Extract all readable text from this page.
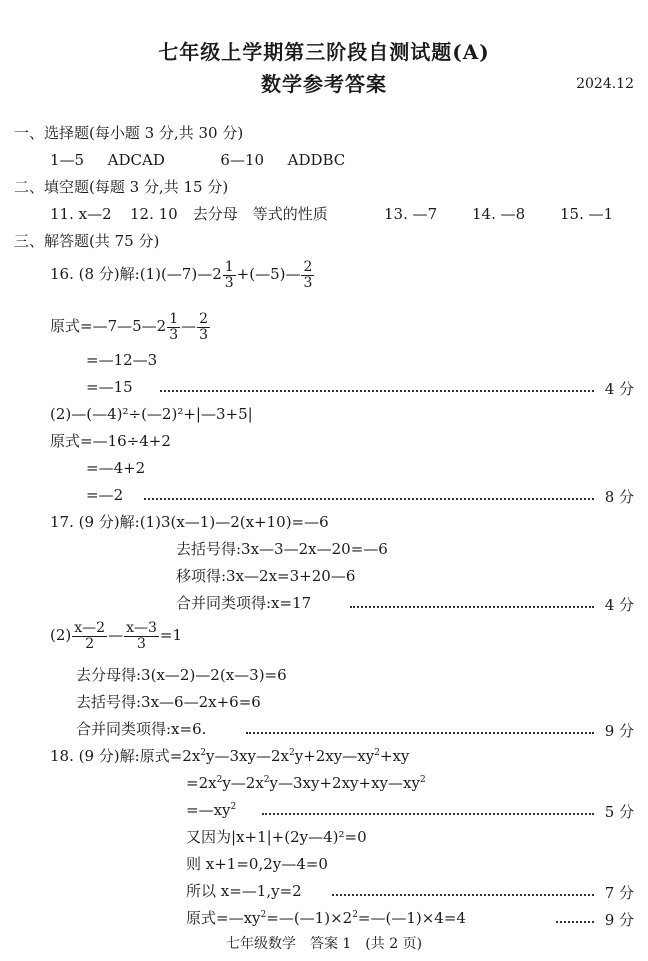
七年级上学期第三阶段自测试题(A)
数学参考答案	2024.12
一、选择题(每小题 3 分,共 30 分)
1—5 ADCAD	6—10 ADDBC
二、填空题(每题 3 分,共 15 分)
11. x—2 12. 10　去分母　等式的性质	13. —7 14. —8 15. —1
三、解答题(共 75 分)
16. (8 分)解:(1)(—7)—2 $\frac{1}{3}$ +(—5)— $\frac{2}{3}$
原式=—7—5—2 $\frac{1}{3}$ — $\frac{2}{3}$
=—12—3
=—15	4 分
(2)—(—4)²÷(—2)²+|—3+5|
原式=—16÷4+2
=—4+2
=—2	8 分
17. (9 分)解:(1)3(x—1)—2(x+10)=—6
去括号得:3x—3—2x—20=—6
移项得:3x—2x=3+20—6
合并同类项得:x=17	4 分
$(2) \frac{x—2}{2}$ — $\frac{x—3}{3} =1$
去分母得:3(x—2)—2(x—3)=6
去括号得:3x—6—2x+6=6
合并同类项得:x=6.	9 分
18. (9 分)解:原式$=2x^2y—3xy—2x^2y+2xy—xy^2+xy$
$=2x^2y—2x^2y—3xy+2xy+xy—xy^2$
$=—xy^2$	5 分
又因为|x+1|+(2y—4)²=0
则 x+1=0,2y—4=0
所以 x=—1,y=2	7 分
原式$=—xy^2=—(—1)\times 2^2=—(—1)\times 4=4$	9 分
七年级数学　答案 1　(共 2 页)
